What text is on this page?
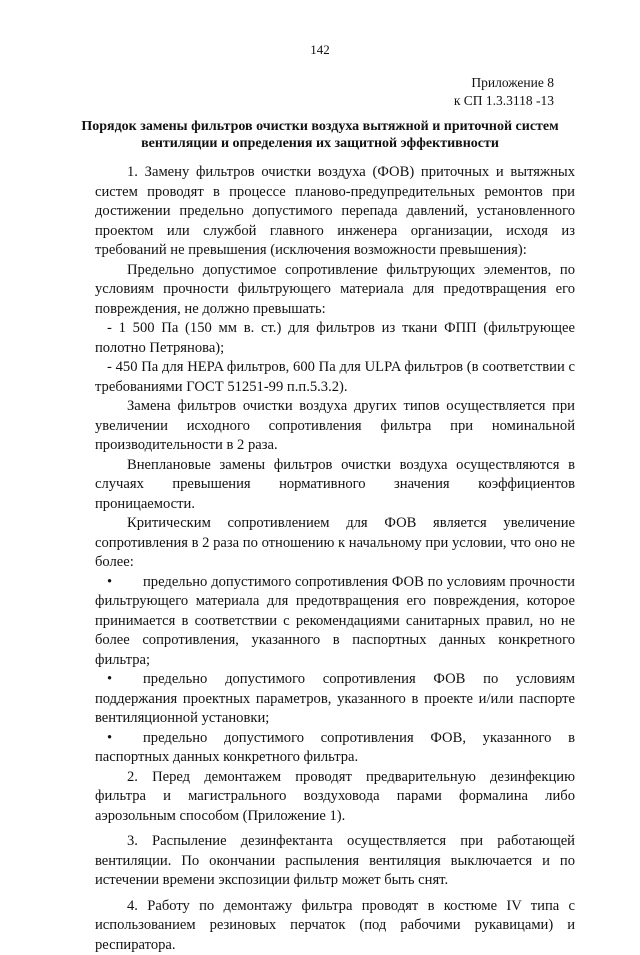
142
Приложение 8
к СП 1.3.3118 -13
Порядок замены фильтров очистки воздуха вытяжной и приточной систем вентиляции и определения их защитной эффективности

1. Замену фильтров очистки воздуха (ФОВ) приточных и вытяжных систем проводят в процессе планово-предупредительных ремонтов при достижении предельно допустимого перепада давлений, установленного проектом или службой главного инженера организации, исходя из требований не превышения (исключения возможности превышения):

Предельно допустимое сопротивление фильтрующих элементов, по условиям прочности фильтрующего материала для предотвращения его повреждения, не должно превышать:

- 1 500 Па (150 мм в. ст.) для фильтров из ткани ФПП (фильтрующее полотно Петрянова);

- 450 Па для HEPA фильтров, 600 Па для ULPA фильтров (в соответствии с требованиями ГОСТ 51251-99 п.п.5.3.2).

Замена фильтров очистки воздуха других типов осуществляется при увеличении исходного сопротивления фильтра при номинальной производительности в 2 раза.

Внеплановые замены фильтров очистки воздуха осуществляются в случаях превышения нормативного значения коэффициентов проницаемости.

Критическим сопротивлением для ФОВ является увеличение сопротивления в 2 раза по отношению к начальному при условии, что оно не более:

• предельно допустимого сопротивления ФОВ по условиям прочности фильтрующего материала для предотвращения его повреждения, которое принимается в соответствии с рекомендациями санитарных правил, но не более сопротивления, указанного в паспортных данных конкретного фильтра;

• предельно допустимого сопротивления ФОВ по условиям поддержания проектных параметров, указанного в проекте и/или паспорте вентиляционной установки;

• предельно допустимого сопротивления ФОВ, указанного в паспортных данных конкретного фильтра.

2. Перед демонтажем проводят предварительную дезинфекцию фильтра и магистрального воздуховода парами формалина либо аэрозольным способом (Приложение 1).

3. Распыление дезинфектанта осуществляется при работающей вентиляции. По окончании распыления вентиляция выключается и по истечении времени экспозиции фильтр может быть снят.

4. Работу по демонтажу фильтра проводят в костюме IV типа с использованием резиновых перчаток (под рабочими рукавицами) и респиратора.
